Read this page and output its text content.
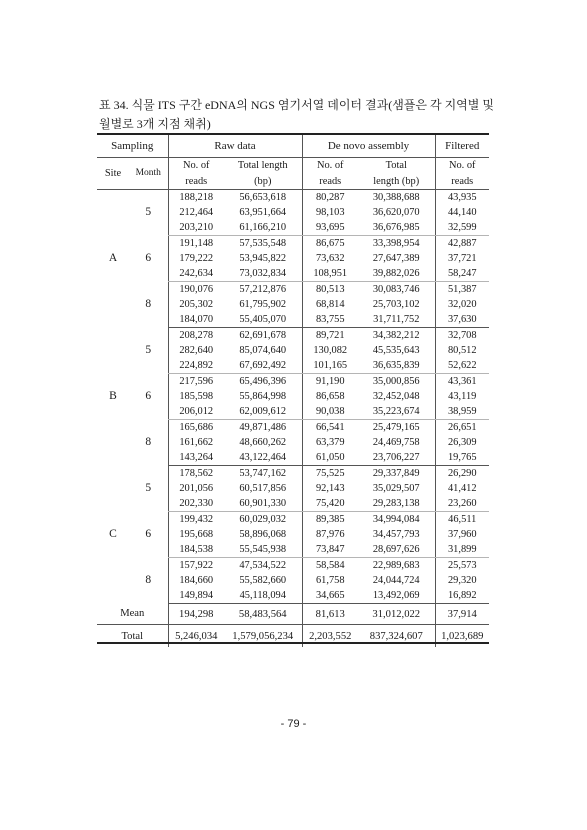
표 34. 식물 ITS 구간 eDNA의 NGS 염기서열 데이터 결과(샘플은 각 지역별 및 월별로 3개 지점 채취)
Sampling		Raw data		De novo assembly		Filtered
Site	Month	No. of	Total length	No. of	Total	No. of
		reads	(bp)	reads	length (bp)	reads
A	5	188,218	56,653,618	80,287	30,388,688	43,935
		212,464	63,951,664	98,103	36,620,070	44,140
		203,210	61,166,210	93,695	36,676,985	32,599
	6	191,148	57,535,548	86,675	33,398,954	42,887
		179,222	53,945,822	73,632	27,647,389	37,721
		242,634	73,032,834	108,951	39,882,026	58,247
	8	190,076	57,212,876	80,513	30,083,746	51,387
		205,302	61,795,902	68,814	25,703,102	32,020
		184,070	55,405,070	83,755	31,711,752	37,630
B	5	208,278	62,691,678	89,721	34,382,212	32,708
		282,640	85,074,640	130,082	45,535,643	80,512
		224,892	67,692,492	101,165	36,635,839	52,622
	6	217,596	65,496,396	91,190	35,000,856	43,361
		185,598	55,864,998	86,658	32,452,048	43,119
		206,012	62,009,612	90,038	35,223,674	38,959
	8	165,686	49,871,486	66,541	25,479,165	26,651
		161,662	48,660,262	63,379	24,469,758	26,309
		143,264	43,122,464	61,050	23,706,227	19,765
C	5	178,562	53,747,162	75,525	29,337,849	26,290
		201,056	60,517,856	92,143	35,029,507	41,412
		202,330	60,901,330	75,420	29,283,138	23,260
	6	199,432	60,029,032	89,385	34,994,084	46,511
		195,668	58,896,068	87,976	34,457,793	37,960
		184,538	55,545,938	73,847	28,697,626	31,899
	8	157,922	47,534,522	58,584	22,989,683	25,573
		184,660	55,582,660	61,758	24,044,724	29,320
		149,894	45,118,094	34,665	13,492,069	16,892
Mean		194,298	58,483,564	81,613	31,012,022	37,914
Total		5,246,034	1,579,056,234	2,203,552	837,324,607	1,023,689
- 79 -
